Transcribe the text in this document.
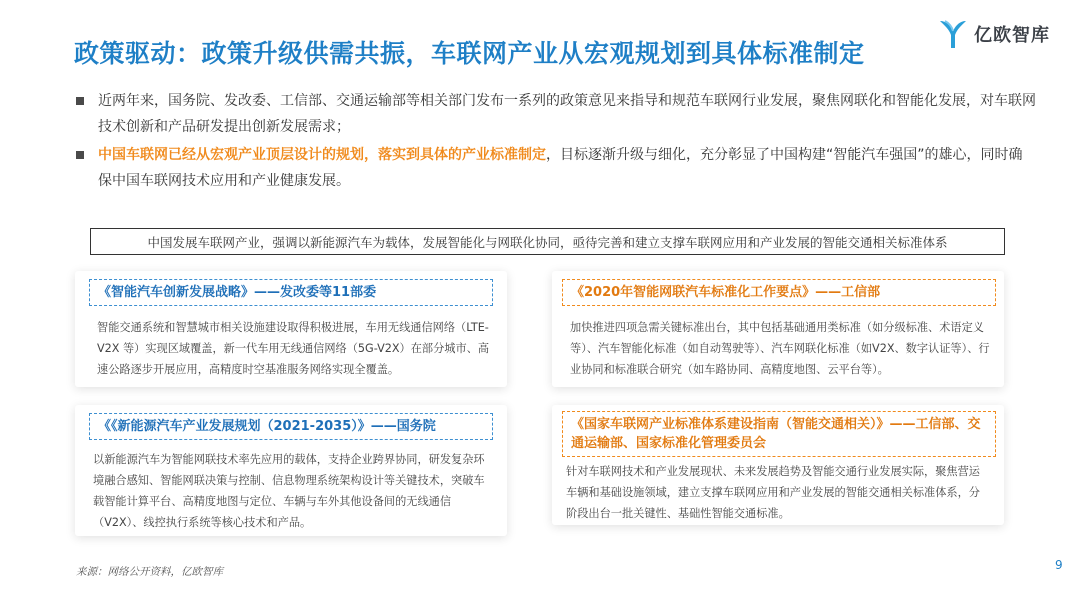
政策驱动：政策升级供需共振，车联网产业从宏观规划到具体标准制定
亿欧智库
近两年来，国务院、发改委、工信部、交通运输部等相关部门发布一系列的政策意见来指导和规范车联网行业发展，聚焦网联化和智能化发展，对车联网技术创新和产品研发提出创新发展需求；
中国车联网已经从宏观产业顶层设计的规划，落实到具体的产业标准制定，目标逐渐升级与细化，充分彰显了中国构建“智能汽车强国”的雄心，同时确保中国车联网技术应用和产业健康发展。
中国发展车联网产业，强调以新能源汽车为载体，发展智能化与网联化协同，亟待完善和建立支撑车联网应用和产业发展的智能交通相关标准体系
《智能汽车创新发展战略》——发改委等11部委
智能交通系统和智慧城市相关设施建设取得积极进展，车用无线通信网络（LTE-V2X 等）实现区域覆盖，新一代车用无线通信网络（5G-V2X）在部分城市、高速公路逐步开展应用，高精度时空基准服务网络实现全覆盖。
《2020年智能网联汽车标准化工作要点》——工信部
加快推进四项急需关键标准出台，其中包括基础通用类标准（如分级标准、术语定义等）、汽车智能化标准（如自动驾驶等）、汽车网联化标准（如V2X、数字认证等）、行业协同和标准联合研究（如车路协同、高精度地图、云平台等）。
《《新能源汽车产业发展规划（2021-2035）》——国务院
以新能源汽车为智能网联技术率先应用的载体，支持企业跨界协同，研发复杂环境融合感知、智能网联决策与控制、信息物理系统架构设计等关键技术，突破车载智能计算平台、高精度地图与定位、车辆与车外其他设备间的无线通信（V2X）、线控执行系统等核心技术和产品。
《国家车联网产业标准体系建设指南（智能交通相关）》——工信部、交通运输部、国家标准化管理委员会
针对车联网技术和产业发展现状、未来发展趋势及智能交通行业发展实际，聚焦营运车辆和基础设施领域，建立支撑车联网应用和产业发展的智能交通相关标准体系，分阶段出台一批关键性、基础性智能交通标准。
来源：网络公开资料，亿欧智库	9
